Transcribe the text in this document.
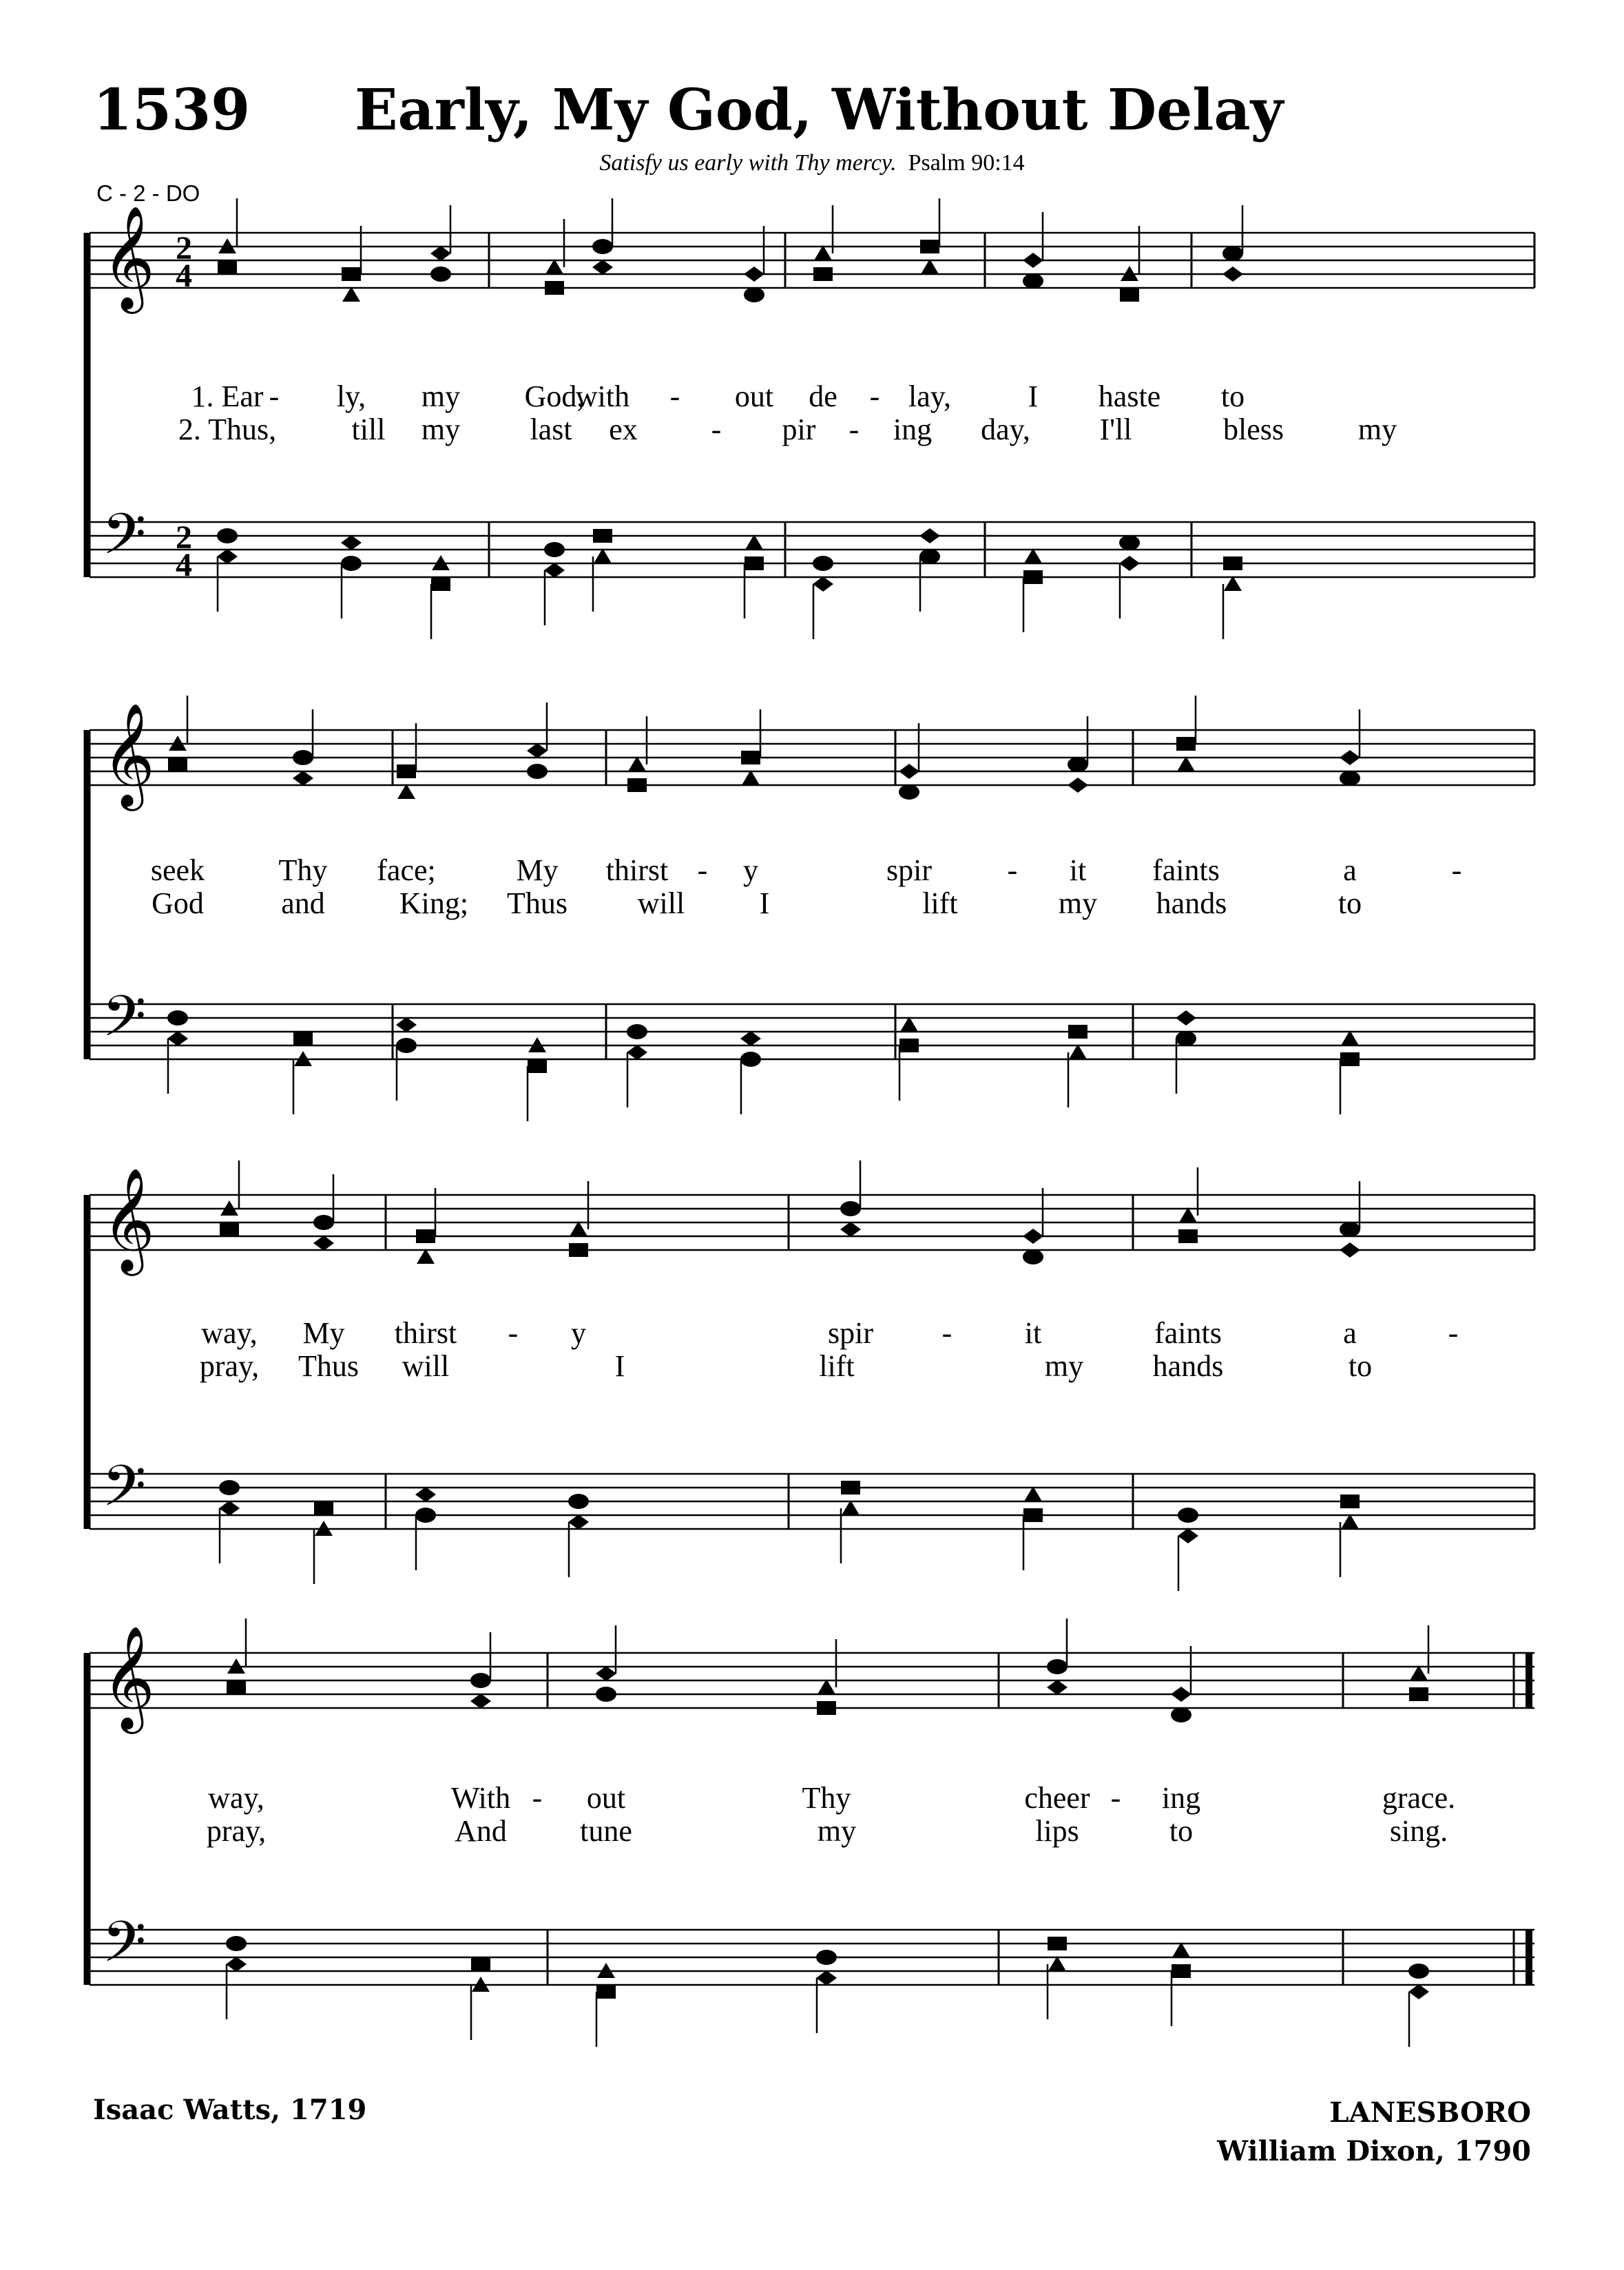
1539 Early, My God, Without Delay
Satisfy us early with Thy mercy. Psalm 90:14
C - 2 - DO
𝄞
𝄢
2
4
2
4
1. Ear - ly, my God,
with - out de - lay,	I haste to
2. Thus, till my last ex - pir - ing day, I'll	bless my
𝄞
𝄢
seek Thy face;	My thirst - y	spir - it faints	a	-
God	and King; Thus will I	lift	my hands	to
𝄞
𝄢
way, My thirst - y	spir - it	faints	a	-
pray, Thus will	I	lift	my hands	to
𝄞
𝄢
way,	With - out	Thy	cheer - ing	grace.
pray,	And tune	my	lips	to	sing.
Isaac Watts, 1719	LANESBORO
William Dixon, 1790
